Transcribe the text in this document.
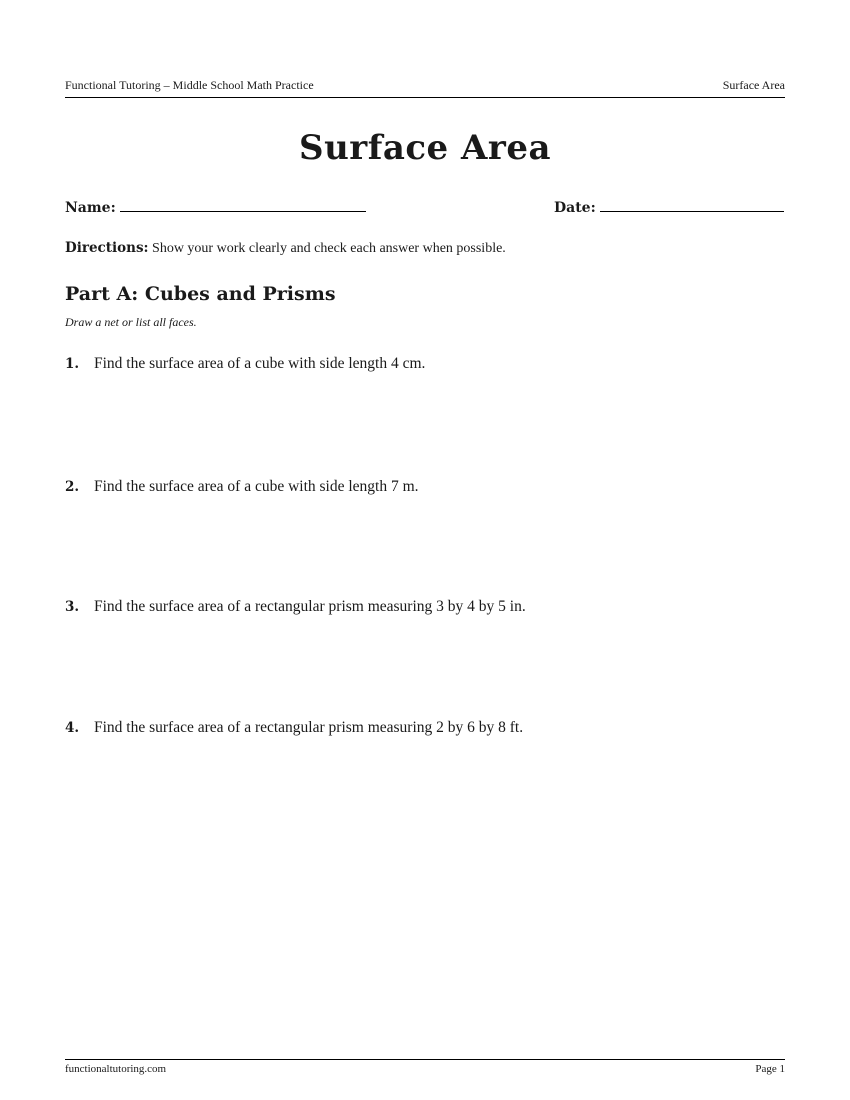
Functional Tutoring – Middle School Math Practice	Surface Area
Surface Area
Name:	Date:
Directions: Show your work clearly and check each answer when possible.
Part A: Cubes and Prisms
Draw a net or list all faces.
1. Find the surface area of a cube with side length 4 cm.
2. Find the surface area of a cube with side length 7 m.
3. Find the surface area of a rectangular prism measuring 3 by 4 by 5 in.
4. Find the surface area of a rectangular prism measuring 2 by 6 by 8 ft.
functionaltutoring.com	Page 1
